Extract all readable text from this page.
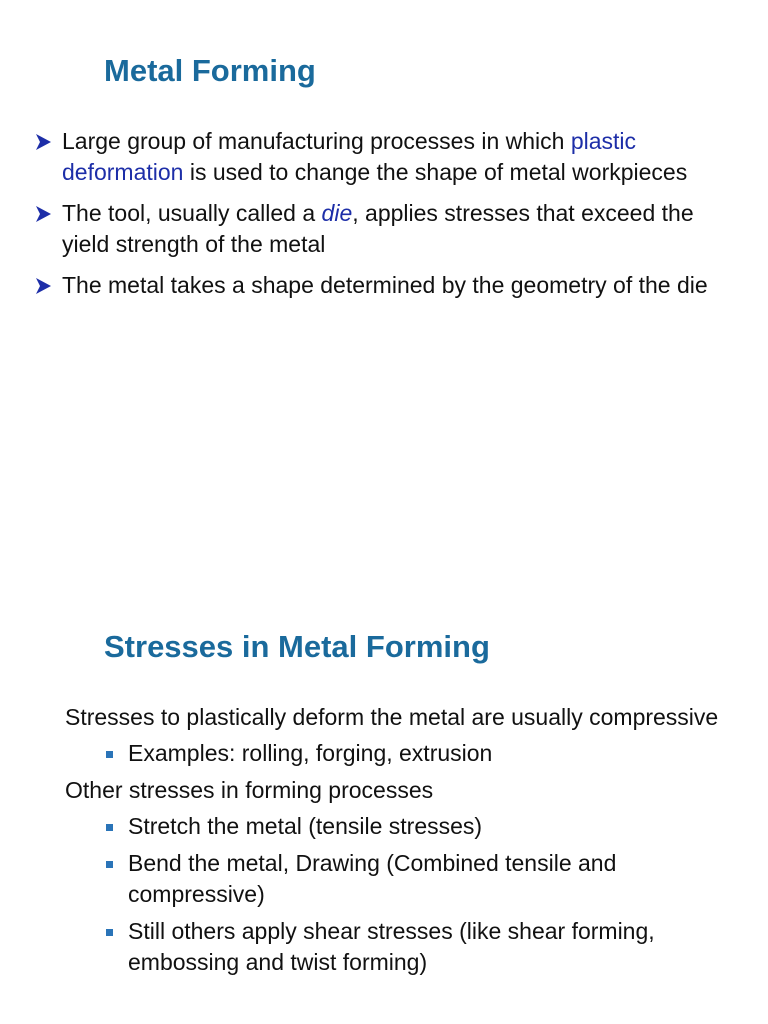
Metal Forming
Large group of manufacturing processes in which plastic deformation is used to change the shape of metal workpieces
The tool, usually called a die, applies stresses that exceed the yield strength of the metal
The metal takes a shape determined by the geometry of the die
Stresses in Metal Forming

Stresses to plastically deform the metal are usually compressive

Examples: rolling, forging, extrusion

Other stresses in forming processes

Stretch the metal (tensile stresses)
Bend the metal, Drawing (Combined tensile and compressive)
Still others apply shear stresses (like shear forming, embossing and twist forming)
